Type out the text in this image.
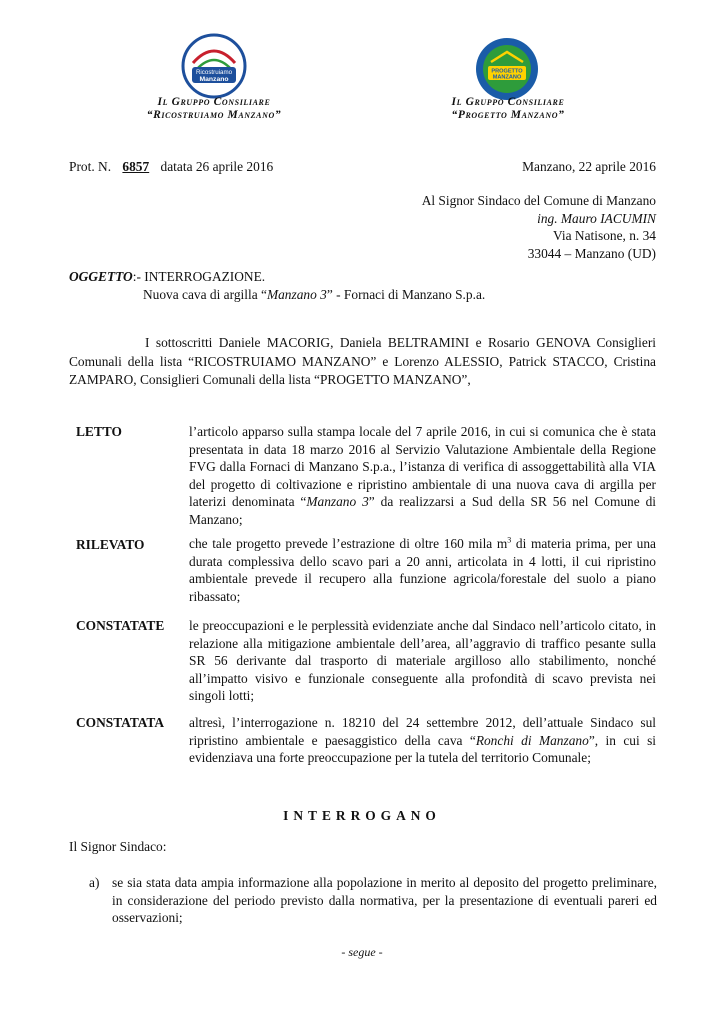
Ricostruiamo
Manzano
PROGETTO
MANZANO
Il Gruppo Consiliare
“Ricostruiamo Manzano”
Il Gruppo Consiliare
“Progetto Manzano”
Prot. N. 6857 datata 26 aprile 2016	Manzano, 22 aprile 2016
Al Signor Sindaco del Comune di Manzano
ing. Mauro IACUMIN
Via Natisone, n. 34
33044 – Manzano (UD)
OGGETTO:- INTERROGAZIONE.
Nuova cava di argilla “Manzano 3” - Fornaci di Manzano S.p.a.
I sottoscritti Daniele MACORIG, Daniela BELTRAMINI e Rosario GENOVA Consiglieri Comunali della lista “RICOSTRUIAMO MANZANO” e Lorenzo ALESSIO, Patrick STACCO, Cristina ZAMPARO, Consiglieri Comunali della lista “PROGETTO MANZANO”,
LETTO	l’articolo apparso sulla stampa locale del 7 aprile 2016, in cui si comunica che è stata presentata in data 18 marzo 2016 al Servizio Valutazione Ambientale della Regione FVG dalla Fornaci di Manzano S.p.a., l’istanza di verifica di assoggettabilità alla VIA del progetto di coltivazione e ripristino ambientale di una nuova cava di argilla per laterizi denominata “Manzano 3” da realizzarsi a Sud della SR 56 nel Comune di Manzano;
RILEVATO	che tale progetto prevede l’estrazione di oltre 160 mila $m^3$ di materia prima, per una durata complessiva dello scavo pari a 20 anni, articolata in 4 lotti, il cui ripristino ambientale prevede il recupero alla funzione agricola/forestale del suolo a piano ribassato;
CONSTATATE le preoccupazioni e le perplessità evidenziate anche dal Sindaco nell’articolo citato, in relazione alla mitigazione ambientale dell’area, all’aggravio di traffico pesante sulla SR 56 derivante dal trasporto di materiale argilloso allo stabilimento, nonché all’impatto visivo e funzionale conseguente alla profondità di scavo prevista nei singoli lotti;
CONSTATATA altresì, l’interrogazione n. 18210 del 24 settembre 2012, dell’attuale Sindaco sul ripristino ambientale e paesaggistico della cava “Ronchi di Manzano”, in cui si evidenziava una forte preoccupazione per la tutela del territorio Comunale;
INTERROGANO
Il Signor Sindaco:
a) se sia stata data ampia informazione alla popolazione in merito al deposito del progetto preliminare, in considerazione del periodo previsto dalla normativa, per la presentazione di eventuali pareri ed osservazioni;
- segue -
